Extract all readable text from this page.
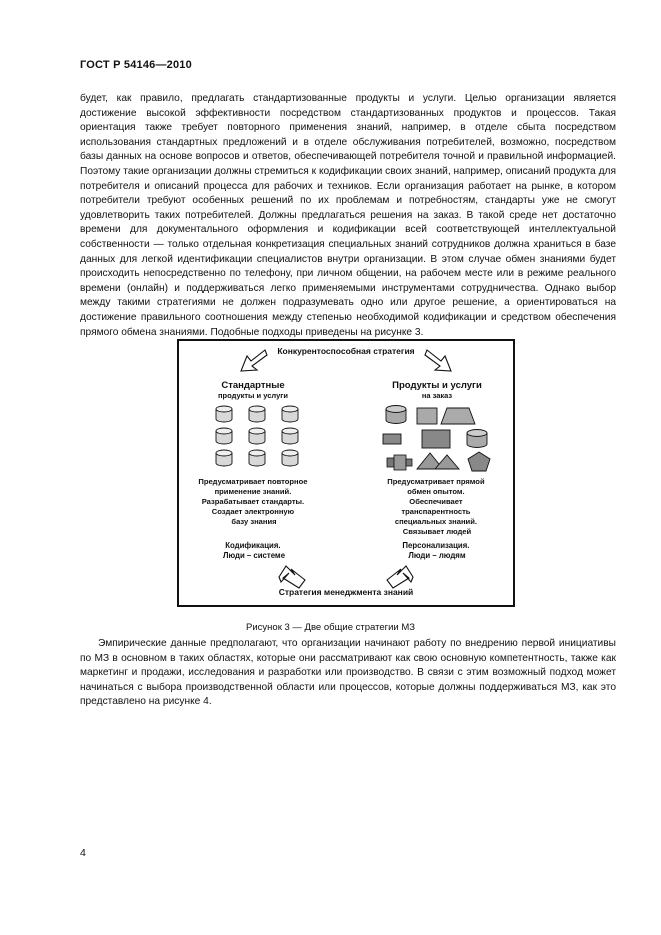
ГОСТ Р 54146—2010

будет, как правило, предлагать стандартизованные продукты и услуги. Целью организации является достижение высокой эффективности посредством стандартизованных продуктов и процессов. Такая ориентация также требует повторного применения знаний, например, в отделе сбыта посредством использования стандартных предложений и в отделе обслуживания потребителей, возможно, посредством базы данных на основе вопросов и ответов, обеспечивающей потребителя точной и правильной информацией. Поэтому такие организации должны стремиться к кодификации своих знаний, например, описаний продукта для потребителя и описаний процесса для рабочих и техников. Если организация работает на рынке, в котором потребители требуют особенных решений по их проблемам и потребностям, стандарты уже не смогут удовлетворить таких потребителей. Должны предлагаться решения на заказ. В такой среде нет достаточно времени для документального оформления и кодификации всей соответствующей интеллектуальной собственности — только отдельная конкретизация специальных знаний сотрудников должна храниться в базе данных для легкой идентификации специалистов внутри организации. В этом случае обмен знаниями будет происходить непосредственно по телефону, при личном общении, на рабочем месте или в режиме реального времени (онлайн) и поддерживаться легко применяемыми инструментами сотрудничества. Однако выбор между такими стратегиями не должен подразумевать одно или другое решение, а ориентироваться на достижение правильного соотношения между степенью необходимой кодификации и средством обеспечения прямого обмена знаниями. Подобные подходы приведены на рисунке 3.

Конкурентоспособная стратегия
Стандартные
продукты и услуги
Продукты и услуги
на заказ
Предусматривает повторное применение знаний. Разрабатывает стандарты. Создает электронную базу знания
Предусматривает прямой обмен опытом. Обеспечивает транспарентность специальных знаний. Связывает людей
Кодификация. Люди – системе
Персонализация. Люди – людям
Стратегия менеджмента знаний
Рисунок 3 — Две общие стратегии МЗ

Эмпирические данные предполагают, что организации начинают работу по внедрению первой инициативы по МЗ в основном в таких областях, которые они рассматривают как свою основную компетентность, также как маркетинг и продажи, исследования и разработки или производство. В связи с этим возможный подход может начинаться с выбора производственной области или процессов, которые должны поддерживаться МЗ, как это представлено на рисунке 4.

4
